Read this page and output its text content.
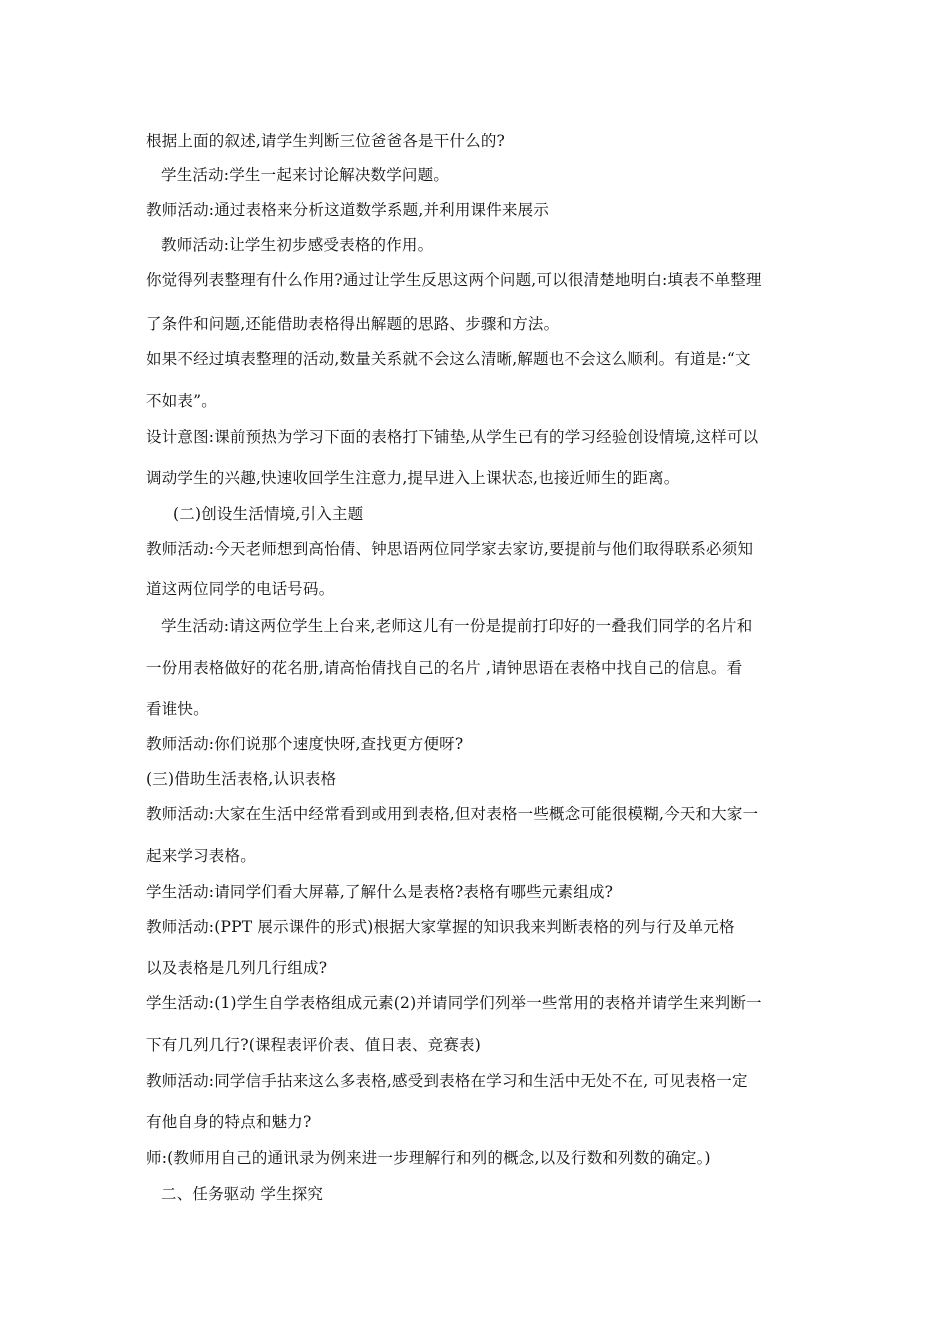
根据上面的叙述,请学生判断三位爸爸各是干什么的?
学生活动:学生一起来讨论解决数学问题。
教师活动:通过表格来分析这道数学系题,并利用课件来展示
教师活动:让学生初步感受表格的作用。
你觉得列表整理有什么作用?通过让学生反思这两个问题,可以很清楚地明白:填表不单整理
了条件和问题,还能借助表格得出解题的思路、步骤和方法。
如果不经过填表整理的活动,数量关系就不会这么清晰,解题也不会这么顺利。有道是:“文
不如表”。
设计意图:课前预热为学习下面的表格打下铺垫,从学生已有的学习经验创设情境,这样可以
调动学生的兴趣,快速收回学生注意力,提早进入上课状态,也接近师生的距离。
(二)创设生活情境,引入主题
教师活动:今天老师想到高怡倩、钟思语两位同学家去家访,要提前与他们取得联系必须知
道这两位同学的电话号码。
学生活动:请这两位学生上台来,老师这儿有一份是提前打印好的一叠我们同学的名片和
一份用表格做好的花名册,请高怡倩找自己的名片 ,请钟思语在表格中找自己的信息。看
看谁快。
教师活动:你们说那个速度快呀,查找更方便呀?
(三)借助生活表格,认识表格
教师活动:大家在生活中经常看到或用到表格,但对表格一些概念可能很模糊,今天和大家一
起来学习表格。
学生活动:请同学们看大屏幕,了解什么是表格?表格有哪些元素组成?
教师活动:(PPT 展示课件的形式)根据大家掌握的知识我来判断表格的列与行及单元格
以及表格是几列几行组成?
学生活动:(1)学生自学表格组成元素(2)并请同学们列举一些常用的表格并请学生来判断一
下有几列几行?(课程表评价表、值日表、竞赛表)
教师活动:同学信手拈来这么多表格,感受到表格在学习和生活中无处不在, 可见表格一定
有他自身的特点和魅力?
师:(教师用自己的通讯录为例来进一步理解行和列的概念,以及行数和列数的确定。)
二、任务驱动 学生探究
